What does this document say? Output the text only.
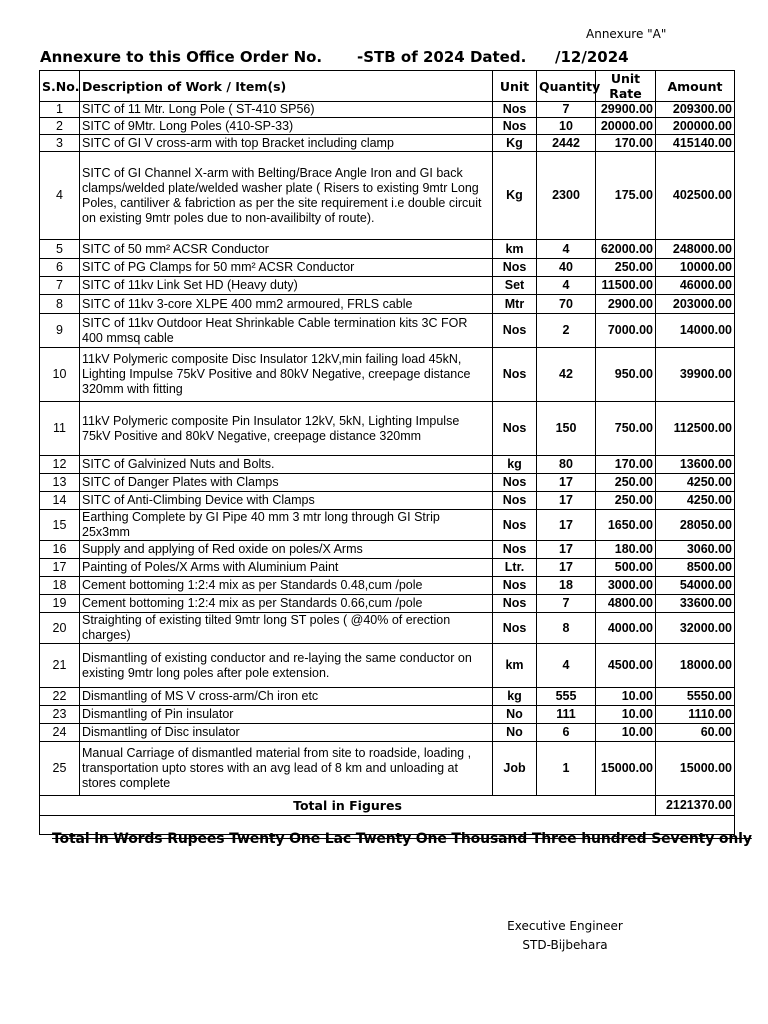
Annexure "A"
Annexure to this Office Order No. -STB of 2024 Dated. /12/2024
S.No.	Description of Work / Item(s)	Unit	Quantity	Unit Rate	Amount
1	SITC of 11 Mtr. Long Pole ( ST-410 SP56)	Nos	7	29900.00	209300.00
2	SITC of 9Mtr. Long Poles (410-SP-33)	Nos	10	20000.00	200000.00
3	SITC of GI V cross-arm with top Bracket including clamp	Kg	2442	170.00	415140.00
4	SITC of GI Channel X-arm with Belting/Brace Angle Iron and GI back clamps/welded plate/welded washer plate ( Risers to existing 9mtr Long Poles, cantiliver & fabriction as per the site requirement i.e double circuit on existing 9mtr poles due to non-availibilty of route).	Kg	2300	175.00	402500.00
5	SITC of 50 mm² ACSR Conductor	km	4	62000.00	248000.00
6	SITC of PG Clamps for 50 mm² ACSR Conductor	Nos	40	250.00	10000.00
7	SITC of 11kv Link Set HD (Heavy duty)	Set	4	11500.00	46000.00
8	SITC of 11kv 3-core XLPE 400 mm2 armoured, FRLS cable	Mtr	70	2900.00	203000.00
9	SITC of 11kv Outdoor Heat Shrinkable Cable termination kits 3C FOR 400 mmsq cable	Nos	2	7000.00	14000.00
10	11kV Polymeric composite Disc Insulator 12kV,min failing load 45kN, Lighting Impulse 75kV Positive and 80kV Negative, creepage distance 320mm with fitting	Nos	42	950.00	39900.00
11	11kV Polymeric composite Pin Insulator 12kV, 5kN, Lighting Impulse 75kV Positive and 80kV Negative, creepage distance 320mm	Nos	150	750.00	112500.00
12	SITC of Galvinized Nuts and Bolts.	kg	80	170.00	13600.00
13	SITC of Danger Plates with Clamps	Nos	17	250.00	4250.00
14	SITC of Anti-Climbing Device with Clamps	Nos	17	250.00	4250.00
15	Earthing Complete by GI Pipe 40 mm 3 mtr long through GI Strip 25x3mm	Nos	17	1650.00	28050.00
16	Supply and applying of Red oxide on poles/X Arms	Nos	17	180.00	3060.00
17	Painting of Poles/X Arms with Aluminium Paint	Ltr.	17	500.00	8500.00
18	Cement bottoming 1:2:4 mix as per Standards 0.48,cum /pole	Nos	18	3000.00	54000.00
19	Cement bottoming 1:2:4 mix as per Standards 0.66,cum /pole	Nos	7	4800.00	33600.00
20	Straighting of existing tilted 9mtr long ST poles ( @40% of erection charges)	Nos	8	4000.00	32000.00
21	Dismantling of existing conductor and re-laying the same conductor on existing 9mtr long poles after pole extension.	km	4	4500.00	18000.00
22	Dismantling of MS V cross-arm/Ch iron etc	kg	555	10.00	5550.00
23	Dismantling of Pin insulator	No	111	10.00	1110.00
24	Dismantling of Disc insulator	No	6	10.00	60.00
25	Manual Carriage of dismantled material from site to roadside, loading , transportation upto stores with an avg lead of 8 km and unloading at stores complete	Job	1	15000.00	15000.00
Total in Figures					2121370.00

Total in Words Rupees Twenty One Lac Twenty One Thousand Three hundred Seventy only
Executive Engineer
STD-Bijbehara
